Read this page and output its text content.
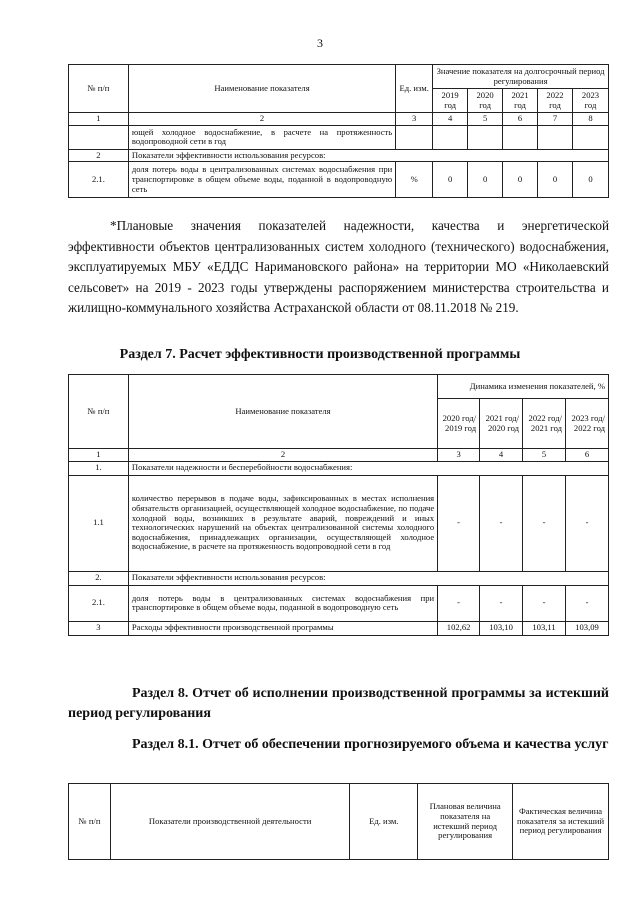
3
№ п/п	Наименование показателя	Ед. изм.	Значение показателя на долгосрочный период регулирования				
			2019 год	2020 год	2021 год	2022 год	2023 год
1	2	3	4	5	6	7	8
	ющей холодное водоснабжение, в расчете на протяженность водопроводной сети в год						
2	Показатели эффективности использования ресурсов:						
2.1.	доля потерь воды в централизованных системах водоснабжения при транспортировке в общем объеме воды, поданной в водопроводную сеть	%	0	0	0	0	0
*Плановые значения показателей надежности, качества и энергетической эффективности объектов централизованных систем холодного (технического) водоснабжения, эксплуатируемых МБУ «ЕДДС Наримановского района» на территории МО «Николаевский сельсовет» на 2019 - 2023 годы утверждены распоряжением министерства строительства и жилищно-коммунального хозяйства Астраханской области от 08.11.2018 № 219.
Раздел 7. Расчет эффективности производственной программы
№ п/п	Наименование показателя	Динамика изменения показателей, %			
		2020 год/ 2019 год	2021 год/ 2020 год	2022 год/ 2021 год	2023 год/ 2022 год
1	2	3	4	5	6
1.	Показатели надежности и бесперебойности водоснабжения:				
1.1	количество перерывов в подаче воды, зафиксированных в местах исполнения обязательств организацией, осуществляющей холодное водоснабжение, по подаче холодной воды, возникших в результате аварий, повреждений и иных технологических нарушений на объектах централизованной системы холодного водоснабжения, принадлежащих организации, осуществляющей холодное водоснабжение, в расчете на протяженность водопроводной сети в год	-	-	-	-
2.	Показатели эффективности использования ресурсов:				
2.1.	доля потерь воды в централизованных системах водоснабжения при транспортировке в общем объеме воды, поданной в водопроводную сеть	-	-	-	-
3	Расходы эффективности производственной программы	102,62	103,10	103,11	103,09
Раздел 8. Отчет об исполнении производственной программы за истекший период регулирования
Раздел 8.1. Отчет об обеспечении прогнозируемого объема и качества услуг
№ п/п	Показатели производственной деятельности	Ед. изм.	Плановая величина показателя на истекший период регулирования	Фактическая величина показателя за истекший период регулирования
